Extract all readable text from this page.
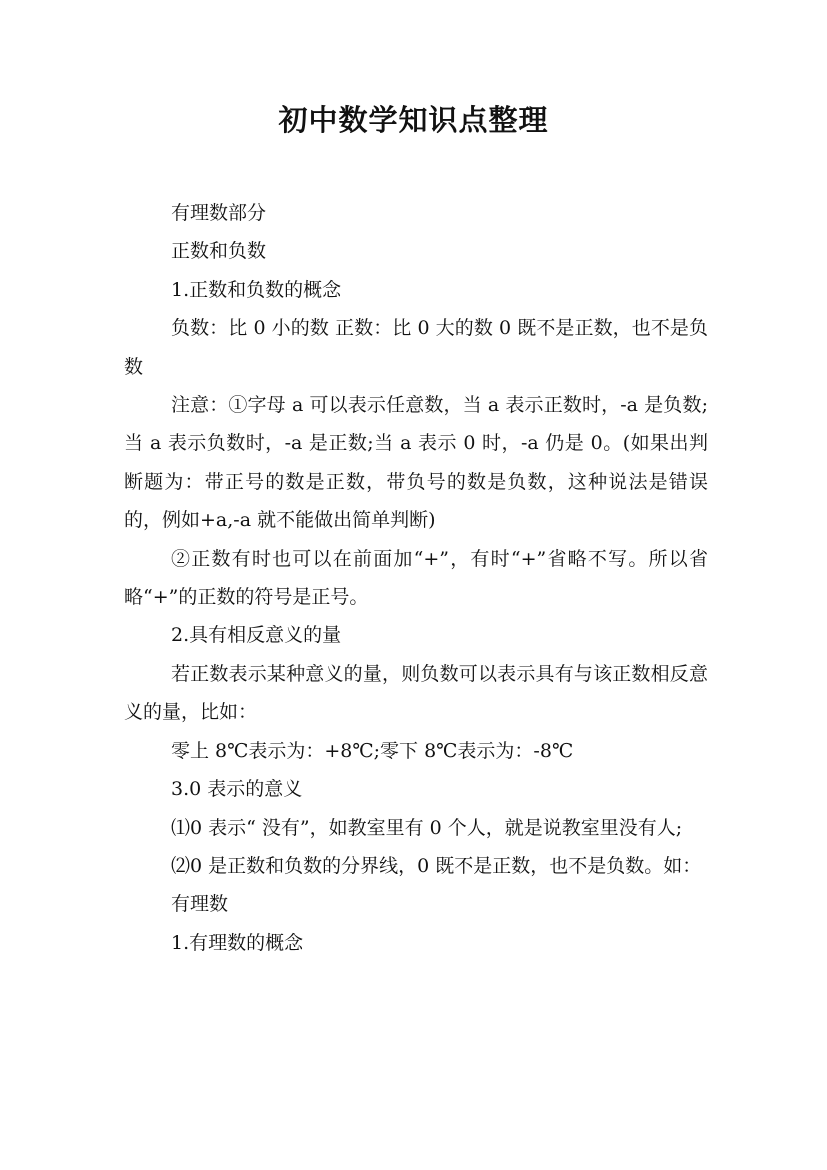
初中数学知识点整理

有理数部分

正数和负数

1.正数和负数的概念

负数：比 0 小的数 正数：比 0 大的数 0 既不是正数，也不是负数

注意：①字母 a 可以表示任意数，当 a 表示正数时，-a 是负数;当 a 表示负数时，-a 是正数;当 a 表示 0 时，-a 仍是 0。(如果出判断题为：带正号的数是正数，带负号的数是负数，这种说法是错误的，例如+a,-a 就不能做出简单判断)

②正数有时也可以在前面加“+”，有时“+”省略不写。所以省略“+”的正数的符号是正号。

2.具有相反意义的量

若正数表示某种意义的量，则负数可以表示具有与该正数相反意义的量，比如：

零上 8℃表示为：+8℃;零下 8℃表示为：-8℃

3.0 表示的意义

⑴0 表示“ 没有”，如教室里有 0 个人，就是说教室里没有人;

⑵0 是正数和负数的分界线，0 既不是正数，也不是负数。如：

有理数

1.有理数的概念
